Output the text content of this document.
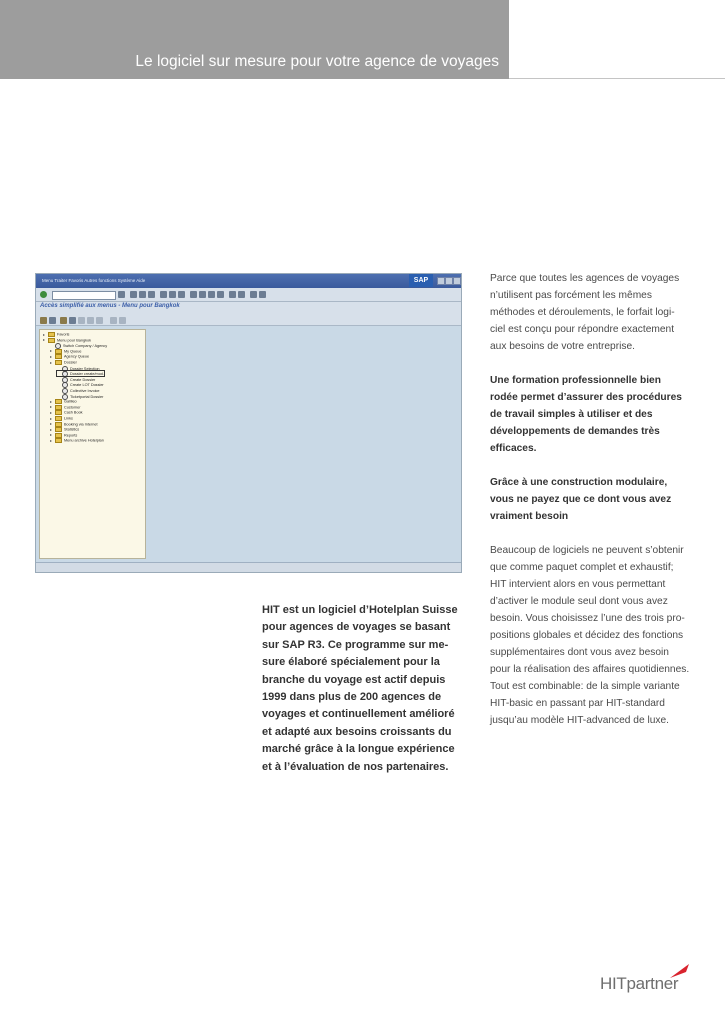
Le logiciel sur mesure pour votre agence de voyages
Menu Traiter Favoris Autres fonctions Système Aide	SAP
Accès simplifié aux menus - Menu pour Bangkok
▸	Favoris
▸	Menu pour Bangkok
Switch Company / Agency
▸	My Queue
▸	Agency Queue
▸	Dossier
Dossier Selection
Dossier create/mod.
Create Dossier
Create LOT Dossier
Collective Invoice
Ticketportal Dossier
▸	Gallileo
▸	Customer
▸	Cash Book
▸	Links
▸	Booking via Internet
▸	Statistics
▸	Reports
▸	Menu archive Hotelplan
HIT est un logiciel d’Hotelplan Suisse
pour agences de voyages se basant
sur SAP R3. Ce programme sur me-
sure élaboré spécialement pour la
branche du voyage est actif depuis
1999 dans plus de 200 agences de
voyages et continuellement amélioré
et adapté aux besoins croissants du
marché grâce à la longue expérience
et à l’évaluation de nos partenaires.

Parce que toutes les agences de voyages
n’utilisent pas forcément les mêmes
méthodes et déroulements, le forfait logi-
ciel est conçu pour répondre exactement
aux besoins de votre entreprise.

Une formation professionnelle bien
rodée permet d’assurer des procédures
de travail simples à utiliser et des
développements de demandes très
efficaces.

Grâce à une construction modulaire,
vous ne payez que ce dont vous avez
vraiment besoin

Beaucoup de logiciels ne peuvent s’obtenir
que comme paquet complet et exhaustif;
HIT intervient alors en vous permettant
d’activer le module seul dont vous avez
besoin. Vous choisissez l’une des trois pro-
positions globales et décidez des fonctions
supplémentaires dont vous avez besoin
pour la réalisation des affaires quotidiennes.
Tout est combinable: de la simple variante
HIT-basic en passant par HIT-standard
jusqu’au modèle HIT-advanced de luxe.

HITpartner
